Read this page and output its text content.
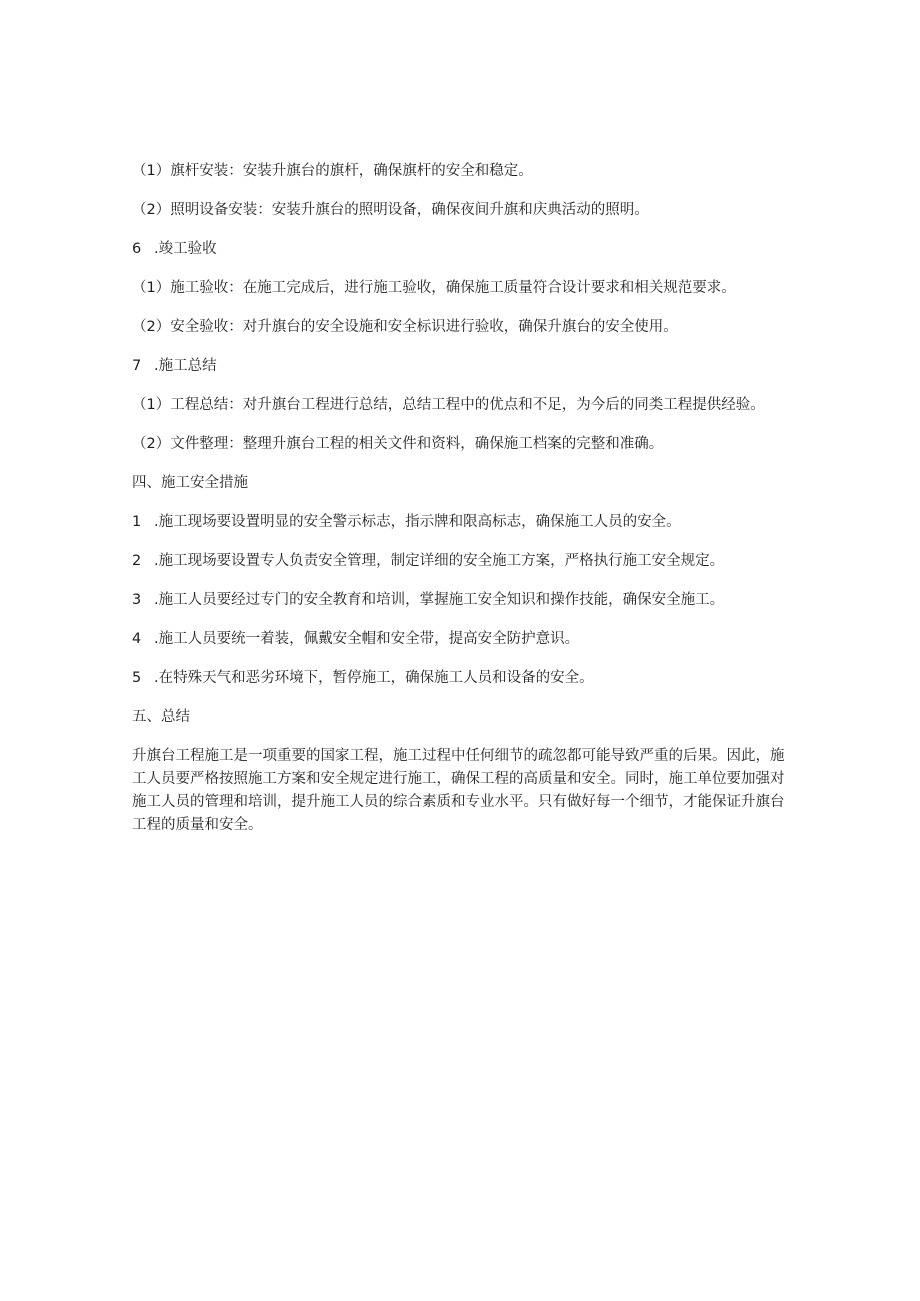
（1）旗杆安装：安装升旗台的旗杆，确保旗杆的安全和稳定。

（2）照明设备安装：安装升旗台的照明设备，确保夜间升旗和庆典活动的照明。

6 .竣工验收

（1）施工验收：在施工完成后，进行施工验收，确保施工质量符合设计要求和相关规范要求。

（2）安全验收：对升旗台的安全设施和安全标识进行验收，确保升旗台的安全使用。

7 .施工总结

（1）工程总结：对升旗台工程进行总结，总结工程中的优点和不足，为今后的同类工程提供经验。

（2）文件整理：整理升旗台工程的相关文件和资料，确保施工档案的完整和准确。

四、施工安全措施

1 .施工现场要设置明显的安全警示标志，指示牌和限高标志，确保施工人员的安全。

2 .施工现场要设置专人负责安全管理，制定详细的安全施工方案，严格执行施工安全规定。

3 .施工人员要经过专门的安全教育和培训，掌握施工安全知识和操作技能，确保安全施工。

4 .施工人员要统一着装，佩戴安全帽和安全带，提高安全防护意识。

5 .在特殊天气和恶劣环境下，暂停施工，确保施工人员和设备的安全。

五、总结

升旗台工程施工是一项重要的国家工程，施工过程中任何细节的疏忽都可能导致严重的后果。因此，施工人员要严格按照施工方案和安全规定进行施工，确保工程的高质量和安全。同时，施工单位要加强对施工人员的管理和培训，提升施工人员的综合素质和专业水平。只有做好每一个细节，才能保证升旗台工程的质量和安全。
